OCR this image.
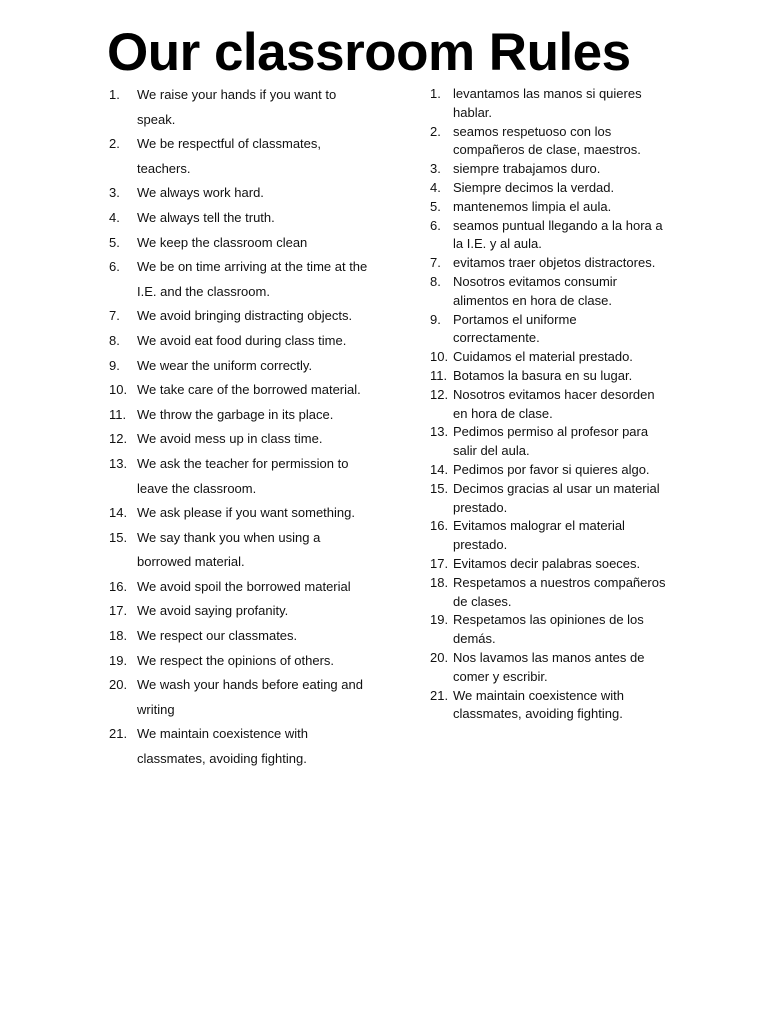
Our classroom Rules
1.	We raise your hands if you want to speak.
2.	We be respectful of classmates, teachers.
3.	We always work hard.
4.	We always tell the truth.
5.	We keep the classroom clean
6.	We be on time arriving at the time at the I.E. and the classroom.
7.	We avoid bringing distracting objects.
8.	We avoid eat food during class time.
9.	We wear the uniform correctly.
10. We take care of the borrowed material.
11. We throw the garbage in its place.
12. We avoid mess up in class time.
13. We ask the teacher for permission to leave the classroom.
14. We ask please if you want something.
15. We say thank you when using a borrowed material.
16. We avoid spoil the borrowed material
17. We avoid saying profanity.
18. We respect our classmates.
19. We respect the opinions of others.
20. We wash your hands before eating and writing
21. We maintain coexistence with classmates, avoiding fighting.
1. levantamos las manos si quieres hablar.
2. seamos respetuoso con los compañeros de clase, maestros.
3. siempre trabajamos duro.
4. Siempre decimos la verdad.
5. mantenemos limpia el aula.
6. seamos puntual llegando a la hora a la I.E. y al aula.
7. evitamos traer objetos distractores.
8. Nosotros evitamos consumir alimentos en hora de clase.
9. Portamos el uniforme correctamente.
10. Cuidamos el material prestado.
11. Botamos la basura en su lugar.
12. Nosotros evitamos hacer desorden en hora de clase.
13. Pedimos permiso al profesor para salir del aula.
14. Pedimos por favor si quieres algo.
15. Decimos gracias al usar un material prestado.
16. Evitamos malograr el material prestado.
17. Evitamos decir palabras soeces.
18. Respetamos a nuestros compañeros de clases.
19. Respetamos las opiniones de los demás.
20. Nos lavamos las manos antes de comer y escribir.
21. We maintain coexistence with classmates, avoiding fighting.
